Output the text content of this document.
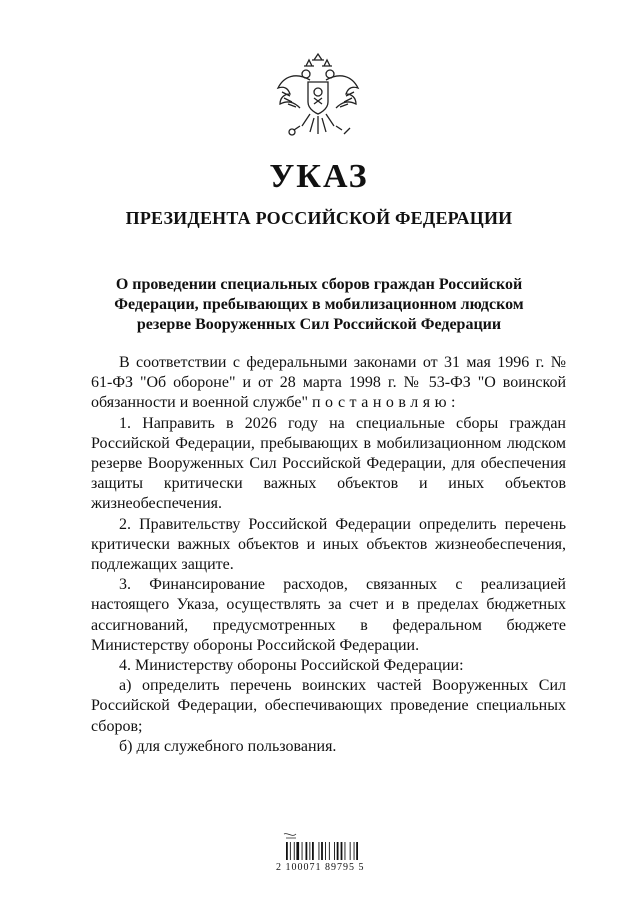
УКАЗ
ПРЕЗИДЕНТА РОССИЙСКОЙ ФЕДЕРАЦИИ
О проведении специальных сборов граждан Российской
Федерации, пребывающих в мобилизационном людском
резерве Вооруженных Сил Российской Федерации

В соответствии с федеральными законами от 31 мая 1996 г. № 61-ФЗ "Об обороне" и от 28 марта 1998 г. № 53-ФЗ "О воинской обязанности и военной службе" постановляю:

1. Направить в 2026 году на специальные сборы граждан Российской Федерации, пребывающих в мобилизационном людском резерве Вооруженных Сил Российской Федерации, для обеспечения защиты критически важных объектов и иных объектов жизнеобеспечения.

2. Правительству Российской Федерации определить перечень критически важных объектов и иных объектов жизнеобеспечения, подлежащих защите.

3. Финансирование расходов, связанных с реализацией настоящего Указа, осуществлять за счет и в пределах бюджетных ассигнований, предусмотренных в федеральном бюджете Министерству обороны Российской Федерации.

4. Министерству обороны Российской Федерации:

а) определить перечень воинских частей Вооруженных Сил Российской Федерации, обеспечивающих проведение специальных сборов;

б) для служебного пользования.

2 100071 89795 5
